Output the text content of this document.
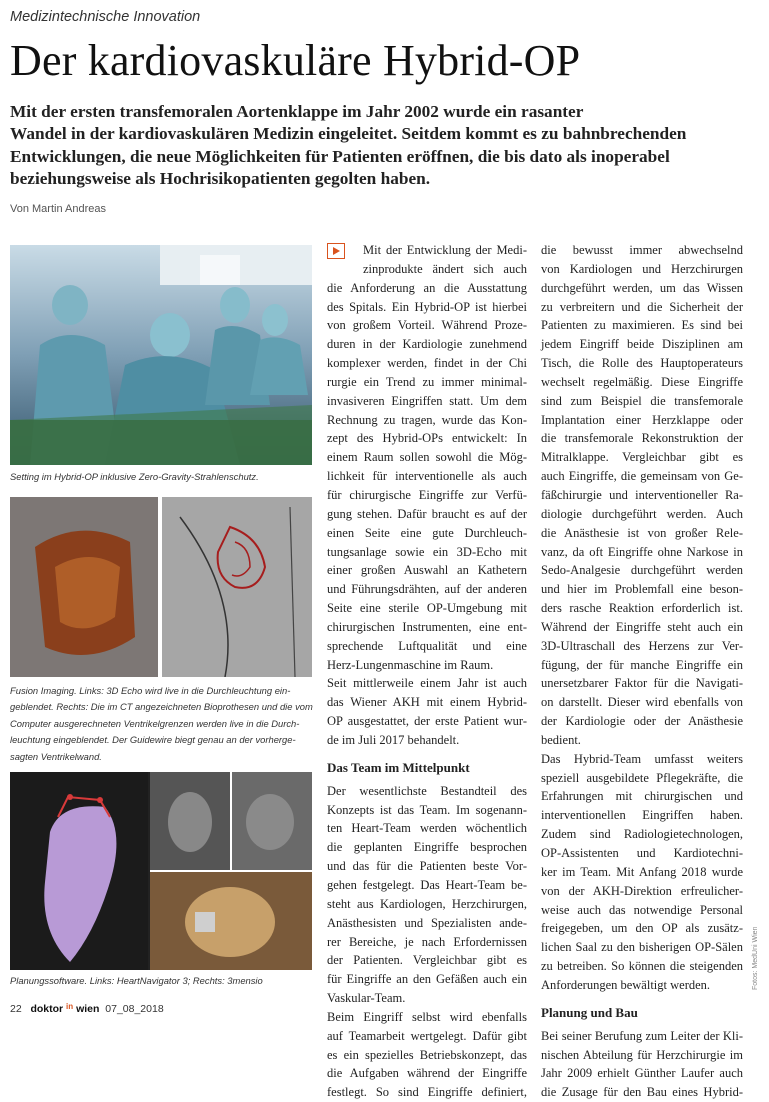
Medizintechnische Innovation
Der kardiovaskuläre Hybrid-OP
Mit der ersten transfemoralen Aortenklappe im Jahr 2002 wurde ein rasanter
Wandel in der kardiovaskulären Medizin eingeleitet. Seitdem kommt es zu bahnbrechenden
Entwicklungen, die neue Möglichkeiten für Patienten eröffnen, die bis dato als inoperabel
beziehungsweise als Hochrisikopatienten gegolten haben.
Von Martin Andreas
Setting im Hybrid-OP inklusive Zero-Gravity-Strahlenschutz.
Fusion Imaging. Links: 3D Echo wird live in die Durchleuchtung ein-
geblendet. Rechts: Die im CT angezeichneten Bioprothesen und die vom
Computer ausgerechneten Ventrikelgrenzen werden live in die Durch-
leuchtung eingeblendet. Der Guidewire biegt genau an der vorherge-
sagten Ventrikelwand.
Planungssoftware. Links: HeartNavigator 3; Rechts: 3mensio
Mit der Entwicklung der Medi-
zinprodukte ändert sich auch
die Anforderung an die Ausstattung
des Spitals. Ein Hybrid-OP ist hierbei
von großem Vorteil. Während Proze-
duren in der Kardiologie zunehmend
komplexer werden, findet in der Chi
rurgie ein Trend zu immer minimal-
invasiveren Eingriffen statt. Um dem
Rechnung zu tragen, wurde das Kon-
zept des Hybrid-OPs entwickelt: In
einem Raum sollen sowohl die Mög-
lichkeit für interventionelle als auch
für chirurgische Eingriffe zur Verfü-
gung stehen. Dafür braucht es auf der
einen Seite eine gute Durchleuch-
tungsanlage sowie ein 3D-Echo mit
einer großen Auswahl an Kathetern
und Führungsdrähten, auf der anderen
Seite eine sterile OP-Umgebung mit
chirurgischen Instrumenten, eine ent-
sprechende Luftqualität und eine
Herz-Lungenmaschine im Raum.
Seit mittlerweile einem Jahr ist auch
das Wiener AKH mit einem Hybrid-
OP ausgestattet, der erste Patient wur-
de im Juli 2017 behandelt.
Das Team im Mittelpunkt
Der wesentlichste Bestandteil des
Konzepts ist das Team. Im sogenann-
ten Heart-Team werden wöchentlich
die geplanten Eingriffe besprochen
und das für die Patienten beste Vor-
gehen festgelegt. Das Heart-Team be-
steht aus Kardiologen, Herzchirurgen,
Anästhesisten und Spezialisten ande-
rer Bereiche, je nach Erfordernissen
der Patienten. Vergleichbar gibt es
für Eingriffe an den Gefäßen auch ein
Vaskular-Team.
Beim Eingriff selbst wird ebenfalls
auf Teamarbeit wertgelegt. Dafür gibt
es ein spezielles Betriebskonzept, das
die Aufgaben während der Eingriffe
festlegt. So sind Eingriffe definiert,
die bewusst immer abwechselnd
von Kardiologen und Herzchirurgen
durchgeführt werden, um das Wissen
zu verbreitern und die Sicherheit der
Patienten zu maximieren. Es sind bei
jedem Eingriff beide Disziplinen am
Tisch, die Rolle des Hauptoperateurs
wechselt regelmäßig. Diese Eingriffe
sind zum Beispiel die transfemorale
Implantation einer Herzklappe oder
die transfemorale Rekonstruktion der
Mitralklappe. Vergleichbar gibt es
auch Eingriffe, die gemeinsam von Ge-
fäßchirurgie und interventioneller Ra-
diologie durchgeführt werden. Auch
die Anästhesie ist von großer Rele-
vanz, da oft Eingriffe ohne Narkose in
Sedo-Analgesie durchgeführt werden
und hier im Problemfall eine beson-
ders rasche Reaktion erforderlich ist.
Während der Eingriffe steht auch ein
3D-Ultraschall des Herzens zur Ver-
fügung, der für manche Eingriffe ein
unersetzbarer Faktor für die Navigati-
on darstellt. Dieser wird ebenfalls von
der Kardiologie oder der Anästhesie
bedient.
Das Hybrid-Team umfasst weiters
speziell ausgebildete Pflegekräfte, die
Erfahrungen mit chirurgischen und
interventionellen Eingriffen haben.
Zudem sind Radiologietechnologen,
OP-Assistenten und Kardiotechni-
ker im Team. Mit Anfang 2018 wurde
von der AKH-Direktion erfreulicher-
weise auch das notwendige Personal
freigegeben, um den OP als zusätz-
lichen Saal zu den bisherigen OP-Sälen
zu betreiben. So können die steigenden
Anforderungen bewältigt werden.
Planung und Bau
Bei seiner Berufung zum Leiter der Kli-
nischen Abteilung für Herzchirurgie im
Jahr 2009 erhielt Günther Laufer auch
die Zusage für den Bau eines Hybrid-
Fotos: MedUni Wien
22 doktor $^{in}$ wien 07_08_2018
